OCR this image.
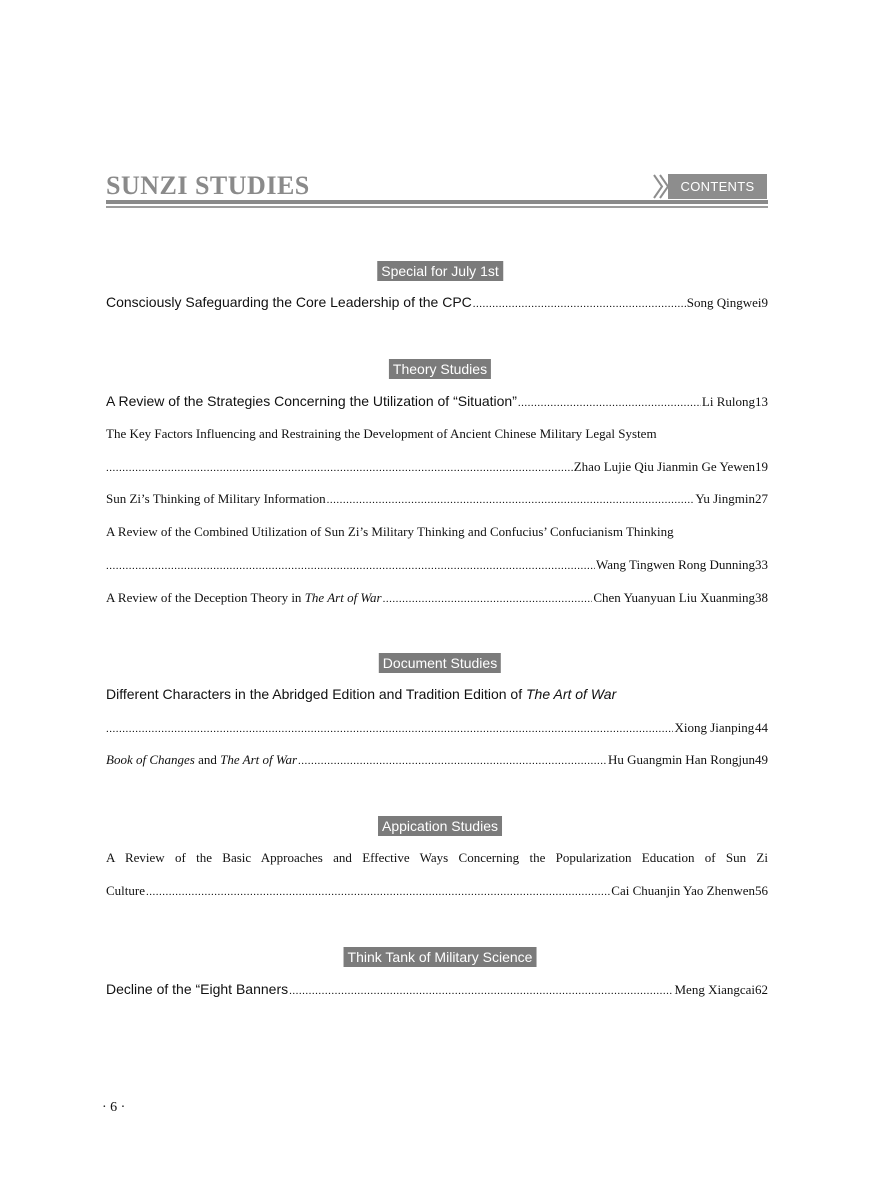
SUNZI STUDIES	CONTENTS
Special for July 1st
Consciously Safeguarding the Core Leadership of the CPC .....	Song Qingwei 9
Theory Studies
A Review of the Strategies Concerning the Utilization of “Situation” .....	Li Rulong 13
The Key Factors Influencing and Restraining the Development of Ancient Chinese Military Legal System
.....
Zhao Lujie Qiu Jianmin Ge Yewen 19
Sun Zi’s Thinking of Military Information .....	Yu Jingmin 27
A Review of the Combined Utilization of Sun Zi’s Military Thinking and Confucius’ Confucianism Thinking
.....
Wang Tingwen Rong Dunning 33
A Review of the Deception Theory in The Art of War .....	Chen Yuanyuan Liu Xuanming 38
Document Studies
Different Characters in the Abridged Edition and Tradition Edition of The Art of War
.....
Xiong Jianping 44
Book of Changes and The Art of War .....	Hu Guangmin Han Rongjun 49
Appication Studies
A Review of the Basic Approaches and Effective Ways Concerning the Popularization Education of Sun Zi
Culture .....	Cai Chuanjin Yao Zhenwen 56
Think Tank of Military Science
Decline of the “Eight Banners .....	Meng Xiangcai 62
· 6 ·
